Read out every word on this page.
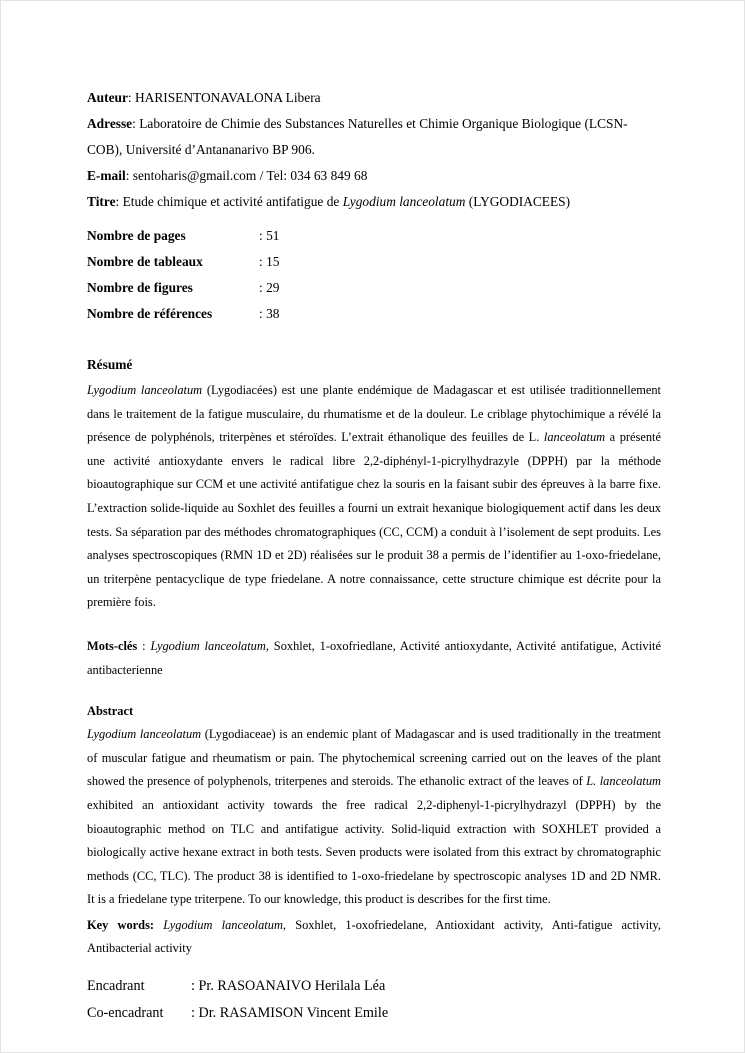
Auteur: HARISENTONAVALONA Libera
Adresse: Laboratoire de Chimie des Substances Naturelles et Chimie Organique Biologique (LCSN-COB), Université d’Antananarivo BP 906.
E-mail: sentoharis@gmail.com / Tel: 034 63 849 68
Titre: Etude chimique et activité antifatigue de Lygodium lanceolatum (LYGODIACEES)
Nombre de pages	: 51
Nombre de tableaux	: 15
Nombre de figures	: 29
Nombre de références	: 38
Résumé

Lygodium lanceolatum (Lygodiacées) est une plante endémique de Madagascar et est utilisée traditionnellement dans le traitement de la fatigue musculaire, du rhumatisme et de la douleur. Le criblage phytochimique a révélé la présence de polyphénols, triterpènes et stéroïdes. L’extrait éthanolique des feuilles de L. lanceolatum a présenté une activité antioxydante envers le radical libre 2,2-diphényl-1-picrylhydrazyle (DPPH) par la méthode bioautographique sur CCM et une activité antifatigue chez la souris en la faisant subir des épreuves à la barre fixe. L’extraction solide-liquide au Soxhlet des feuilles a fourni un extrait hexanique biologiquement actif dans les deux tests. Sa séparation par des méthodes chromatographiques (CC, CCM) a conduit à l’isolement de sept produits. Les analyses spectroscopiques (RMN 1D et 2D) réalisées sur le produit 38 a permis de l’identifier au 1-oxo-friedelane, un triterpène pentacyclique de type friedelane. A notre connaissance, cette structure chimique est décrite pour la première fois.

Mots-clés : Lygodium lanceolatum, Soxhlet, 1-oxofriedlane, Activité antioxydante, Activité antifatigue, Activité antibacterienne

Abstract

Lygodium lanceolatum (Lygodiaceae) is an endemic plant of Madagascar and is used traditionally in the treatment of muscular fatigue and rheumatism or pain. The phytochemical screening carried out on the leaves of the plant showed the presence of polyphenols, triterpenes and steroids. The ethanolic extract of the leaves of L. lanceolatum exhibited an antioxidant activity towards the free radical 2,2-diphenyl-1-picrylhydrazyl (DPPH) by the bioautographic method on TLC and antifatigue activity. Solid-liquid extraction with SOXHLET provided a biologically active hexane extract in both tests. Seven products were isolated from this extract by chromatographic methods (CC, TLC). The product 38 is identified to 1-oxo-friedelane by spectroscopic analyses 1D and 2D NMR. It is a friedelane type triterpene. To our knowledge, this product is describes for the first time.

Key words: Lygodium lanceolatum, Soxhlet, 1-oxofriedelane, Antioxidant activity, Anti-fatigue activity, Antibacterial activity

Encadrant	: Pr. RASOANAIVO Herilala Léa
Co-encadrant : Dr. RASAMISON Vincent Emile
